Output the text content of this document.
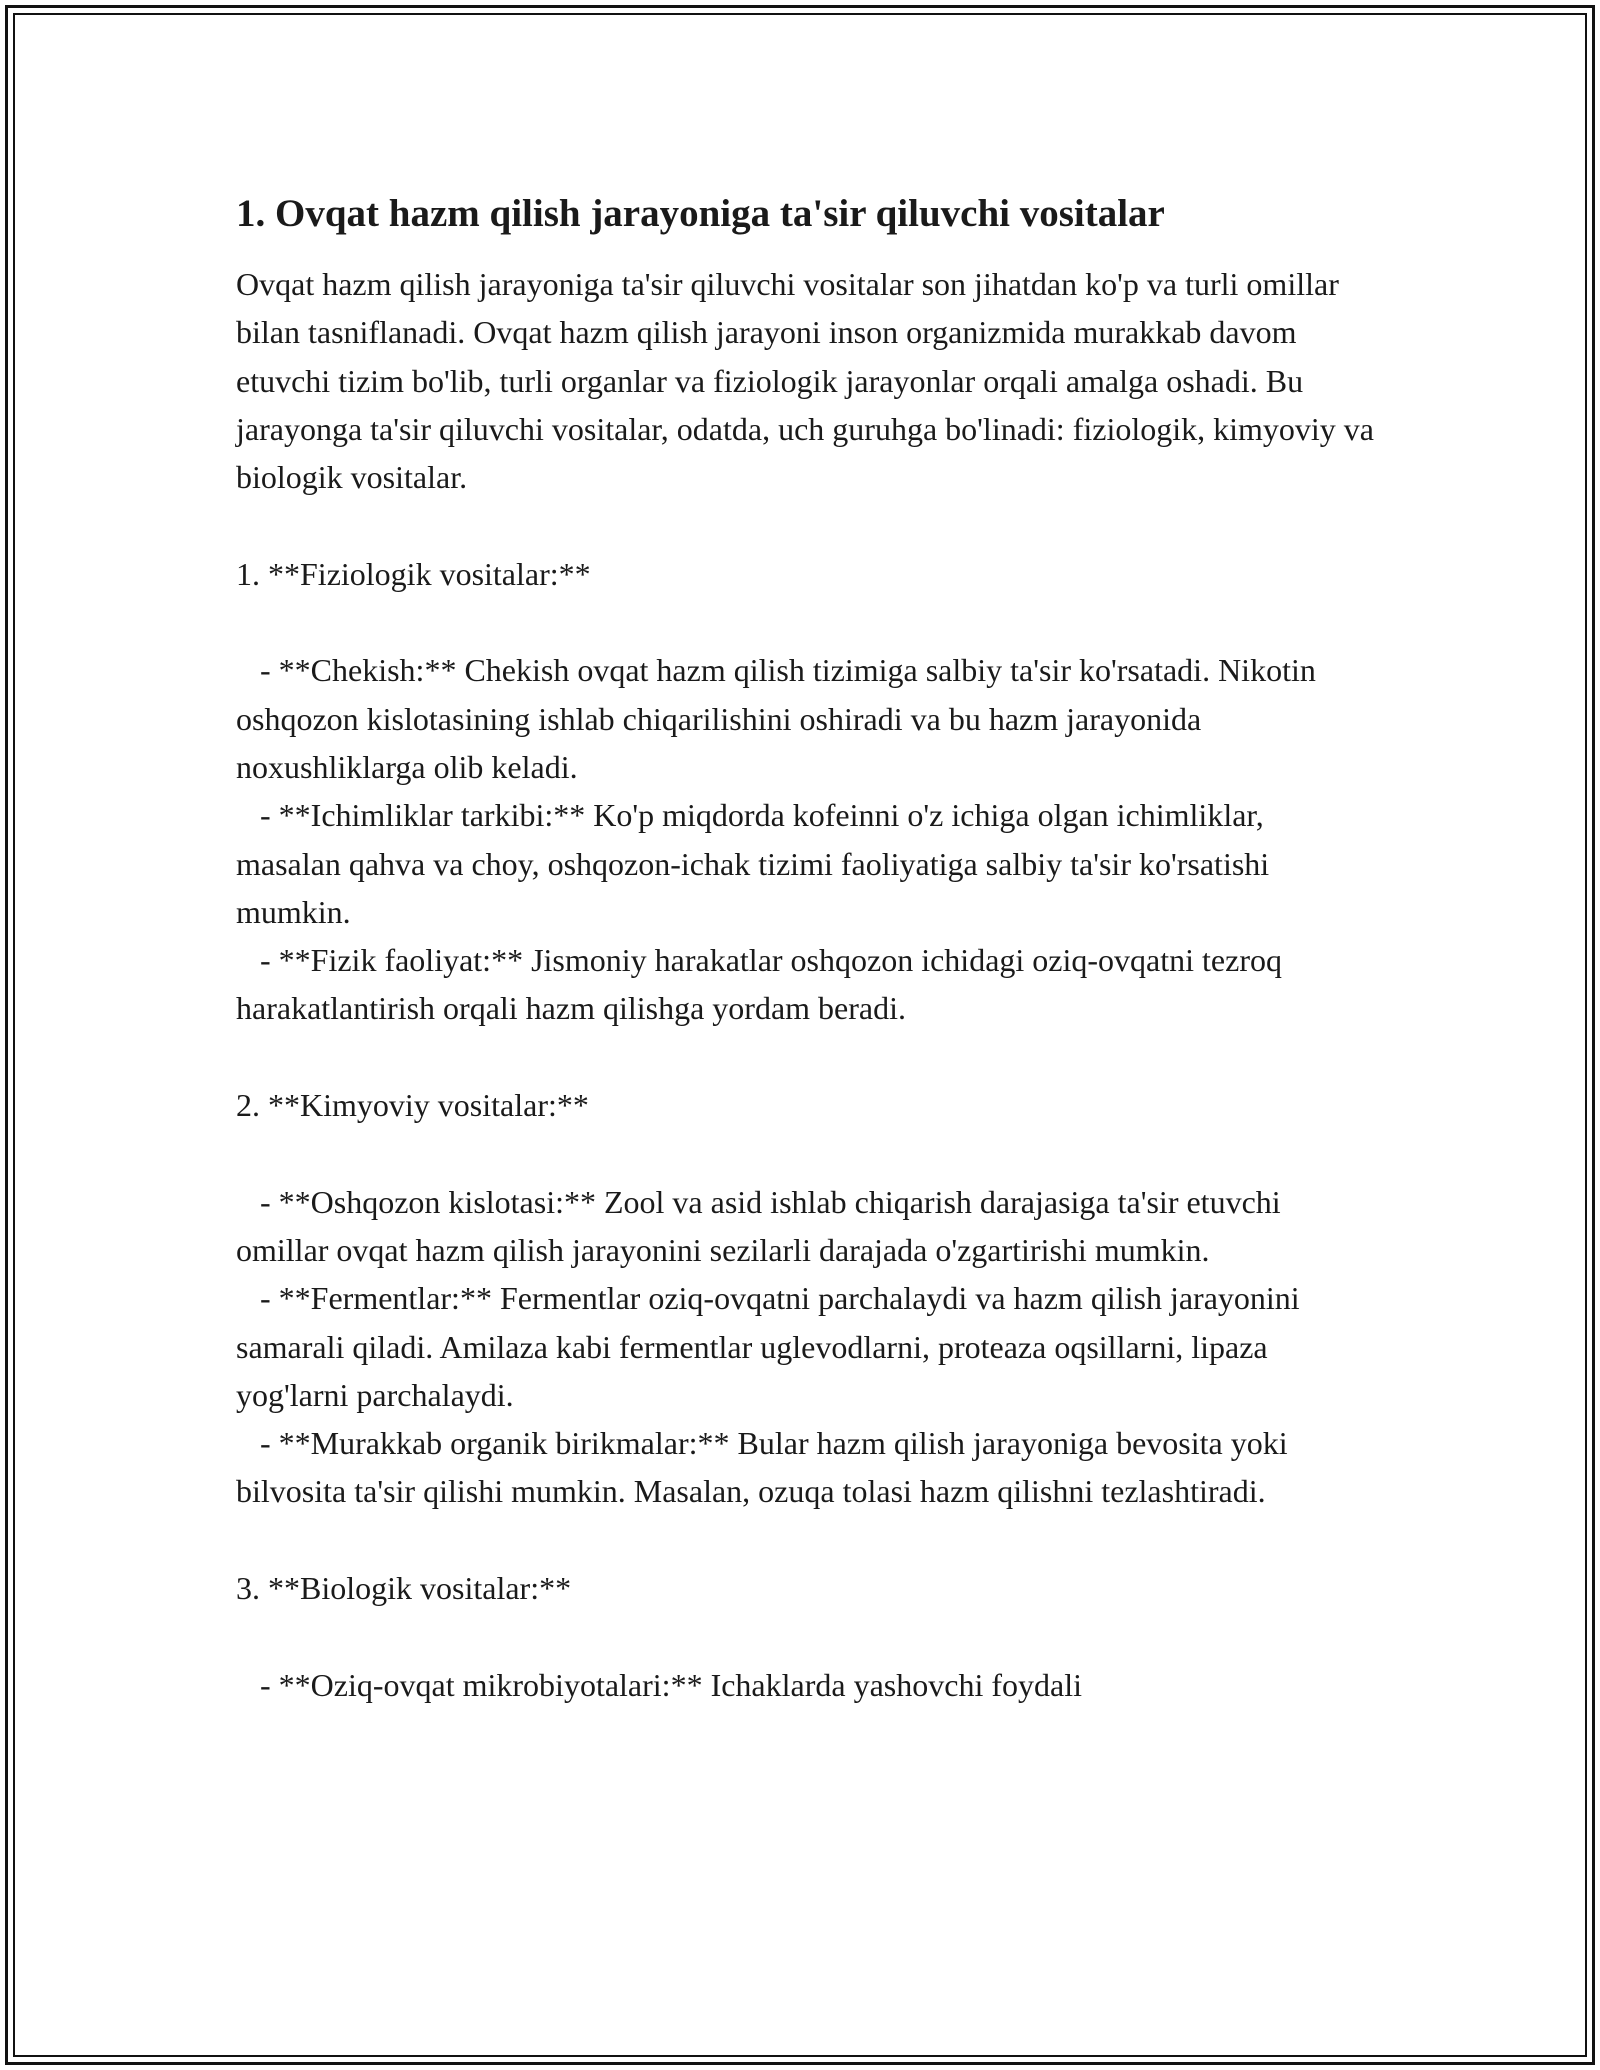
1. Ovqat hazm qilish jarayoniga ta'sir qiluvchi vositalar

Ovqat hazm qilish jarayoniga ta'sir qiluvchi vositalar son jihatdan ko'p va turli omillar bilan tasniflanadi. Ovqat hazm qilish jarayoni inson organizmida murakkab davom etuvchi tizim bo'lib, turli organlar va fiziologik jarayonlar orqali amalga oshadi. Bu jarayonga ta'sir qiluvchi vositalar, odatda, uch guruhga bo'linadi: fiziologik, kimyoviy va biologik vositalar.

1. **Fiziologik vositalar:**

- **Chekish:** Chekish ovqat hazm qilish tizimiga salbiy ta'sir ko'rsatadi. Nikotin oshqozon kislotasining ishlab chiqarilishini oshiradi va bu hazm jarayonida noxushliklarga olib keladi.

- **Ichimliklar tarkibi:** Ko'p miqdorda kofeinni o'z ichiga olgan ichimliklar, masalan qahva va choy, oshqozon-ichak tizimi faoliyatiga salbiy ta'sir ko'rsatishi mumkin.

- **Fizik faoliyat:** Jismoniy harakatlar oshqozon ichidagi oziq-ovqatni tezroq harakatlantirish orqali hazm qilishga yordam beradi.

2. **Kimyoviy vositalar:**

- **Oshqozon kislotasi:** Zool va asid ishlab chiqarish darajasiga ta'sir etuvchi omillar ovqat hazm qilish jarayonini sezilarli darajada o'zgartirishi mumkin.

- **Fermentlar:** Fermentlar oziq-ovqatni parchalaydi va hazm qilish jarayonini samarali qiladi. Amilaza kabi fermentlar uglevodlarni, proteaza oqsillarni, lipaza yog'larni parchalaydi.

- **Murakkab organik birikmalar:** Bular hazm qilish jarayoniga bevosita yoki bilvosita ta'sir qilishi mumkin. Masalan, ozuqa tolasi hazm qilishni tezlashtiradi.

3. **Biologik vositalar:**

- **Oziq-ovqat mikrobiyotalari:** Ichaklarda yashovchi foydali
